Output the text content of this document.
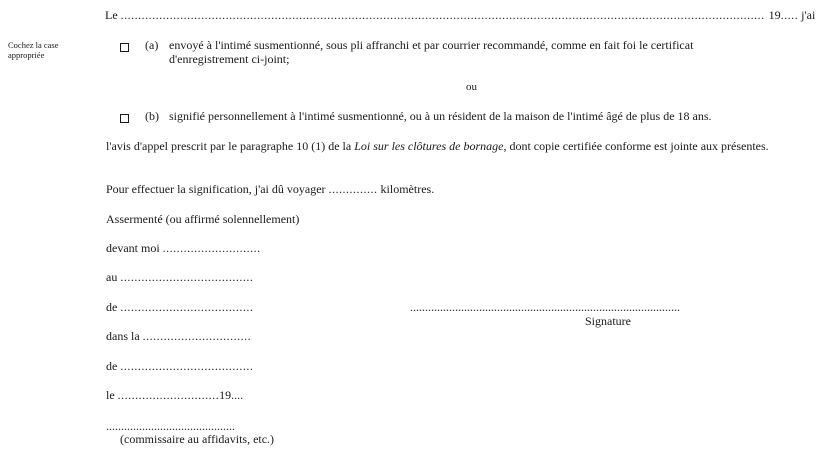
Le ........................................................................................................................................................................................ 19..... j'ai
Cochez la case appropriée
(a) envoyé à l'intimé susmentionné, sous pli affranchi et par courrier recommandé, comme en fait foi le certificat
d'enregistrement ci-joint;
ou
(b) signifié personnellement à l'intimé susmentionné, ou à un résident de la maison de l'intimé âgé de plus de 18 ans.
l'avis d'appel prescrit par le paragraphe 10 (1) de la Loi sur les clôtures de bornage, dont copie certifiée conforme est jointe aux présentes.
Pour effectuer la signification, j'ai dû voyager .............. kilomètres.
Assermenté (ou affirmé solennellement)
devant moi ............................
au ......................................
de ......................................
dans la ...............................
de ......................................
le .............................19....
...........................................
(commissaire au affidavits, etc.)
..........................................................................................
Signature
